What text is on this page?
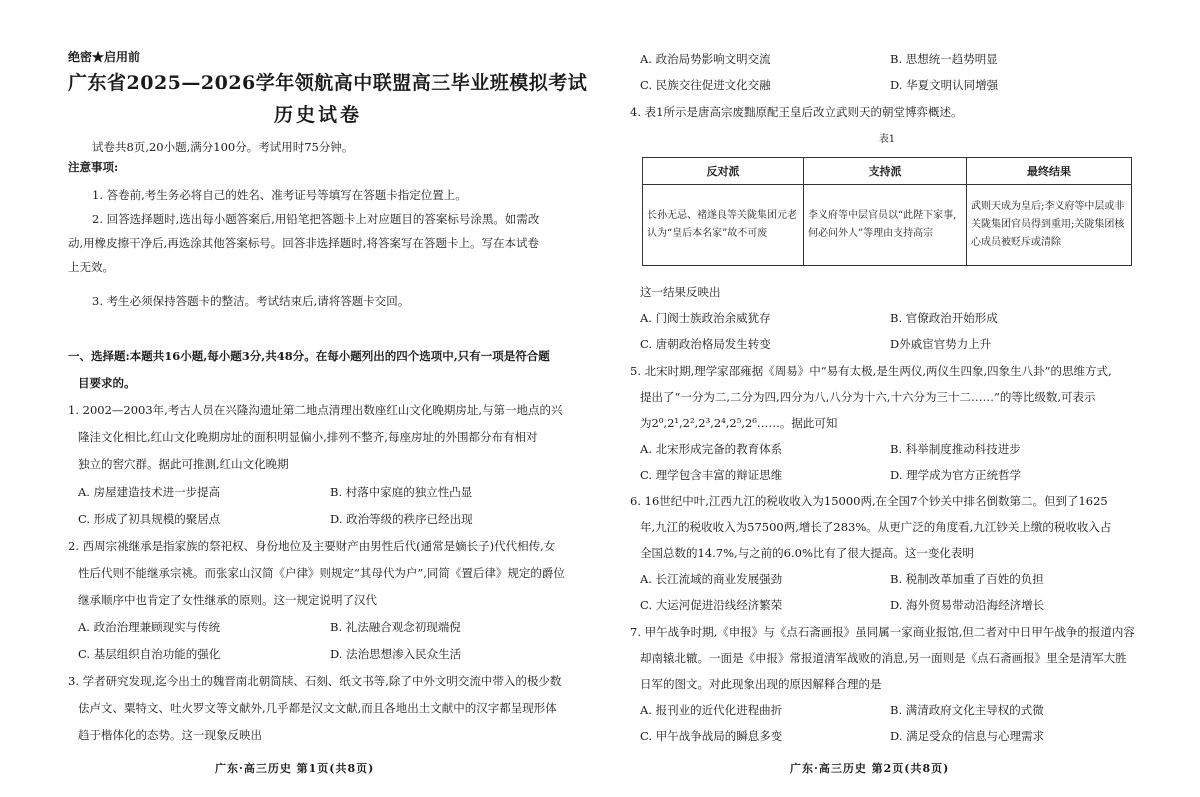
绝密★启用前
广东省2025—2026学年领航高中联盟高三毕业班模拟考试
历史试卷
试卷共8页,20小题,满分100分。考试用时75分钟。
注意事项:
1. 答卷前,考生务必将自己的姓名、准考证号等填写在答题卡指定位置上。
2. 回答选择题时,选出每小题答案后,用铅笔把答题卡上对应题目的答案标号涂黑。如需改
动,用橡皮擦干净后,再选涂其他答案标号。回答非选择题时,将答案写在答题卡上。写在本试卷
上无效。
3. 考生必须保持答题卡的整洁。考试结束后,请将答题卡交回。
一、选择题:本题共16小题,每小题3分,共48分。在每小题列出的四个选项中,只有一项是符合题
目要求的。
1. 2002—2003年,考古人员在兴隆沟遗址第二地点清理出数座红山文化晚期房址,与第一地点的兴
隆洼文化相比,红山文化晚期房址的面积明显偏小,排列不整齐,每座房址的外围都分布有相对
独立的窖穴群。据此可推测,红山文化晚期
A. 房屋建造技术进一步提高	B. 村落中家庭的独立性凸显
C. 形成了初具规模的聚居点	D. 政治等级的秩序已经出现
2. 西周宗祧继承是指家族的祭祀权、身份地位及主要财产由男性后代(通常是嫡长子)代代相传,女
性后代则不能继承宗祧。而张家山汉简《户律》则规定“其母代为户”,同简《置后律》规定的爵位
继承顺序中也肯定了女性继承的原则。这一规定说明了汉代
A. 政治治理兼顾现实与传统	B. 礼法融合观念初现端倪
C. 基层组织自治功能的强化	D. 法治思想渗入民众生活
3. 学者研究发现,迄今出土的魏晋南北朝简牍、石刻、纸文书等,除了中外文明交流中带入的极少数
佉卢文、粟特文、吐火罗文等文献外,几乎都是汉文文献,而且各地出土文献中的汉字都呈现形体
趋于楷体化的态势。这一现象反映出
广东·高三历史 第1页(共8页)
A. 政治局势影响文明交流	B. 思想统一趋势明显
C. 民族交往促进文化交融	D. 华夏文明认同增强
4. 表1所示是唐高宗废黜原配王皇后改立武则天的朝堂博弈概述。
表1
反对派	支持派	最终结果
长孙无忌、褚遂良等关陇集团元老认为“皇后本名家”故不可废	李义府等中层官员以“此陛下家事,何必问外人”等理由支持高宗	武则天成为皇后;李义府等中层或非关陇集团官员得到重用;关陇集团核心成员被贬斥或清除
这一结果反映出
A. 门阀士族政治余威犹存	B. 官僚政治开始形成
C. 唐朝政治格局发生转变	D外戚宦官势力上升
5. 北宋时期,理学家邵雍据《周易》中“易有太极,是生两仪,两仪生四象,四象生八卦”的思维方式,
提出了“一分为二,二分为四,四分为八,八分为十六,十六分为三十二……”的等比级数,可表示
为2⁰,2¹,2²,2³,2⁴,2⁵,2⁶……。据此可知
A. 北宋形成完备的教育体系	B. 科举制度推动科技进步
C. 理学包含丰富的辩证思维	D. 理学成为官方正统哲学
6. 16世纪中叶,江西九江的税收收入为15000两,在全国7个钞关中排名倒数第二。但到了1625
年,九江的税收收入为57500两,增长了283%。从更广泛的角度看,九江钞关上缴的税收收入占
全国总数的14.7%,与之前的6.0%比有了很大提高。这一变化表明
A. 长江流域的商业发展强劲	B. 税制改革加重了百姓的负担
C. 大运河促进沿线经济繁荣	D. 海外贸易带动沿海经济增长
7. 甲午战争时期,《申报》与《点石斋画报》虽同属一家商业报馆,但二者对中日甲午战争的报道内容
却南辕北辙。一面是《申报》常报道清军战败的消息,另一面则是《点石斋画报》里全是清军大胜
日军的图文。对此现象出现的原因解释合理的是
A. 报刊业的近代化进程曲折	B. 满清政府文化主导权的式微
C. 甲午战争战局的瞬息多变	D. 满足受众的信息与心理需求
广东·高三历史 第2页(共8页)
